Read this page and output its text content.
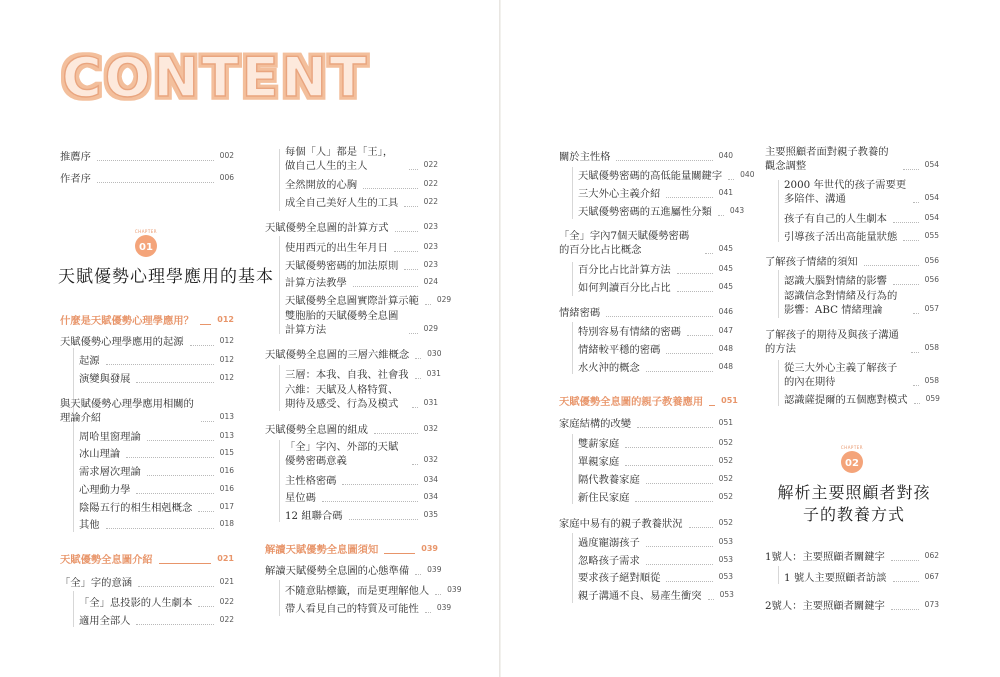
CONTENT
CHAPTER
01
天賦優勢心理學應用的基本
CHAPTER
02
解析主要照顧者對孩子的教養方式
推薦序	002
作者序	006
什麼是天賦優勢心理學應用？	012
天賦優勢心理學應用的起源	012
起源	012
演變與發展	012
與天賦優勢心理學應用相關的理論介紹	013
周哈里窗理論	013
冰山理論	015
需求層次理論	016
心理動力學	016
陰陽五行的相生相剋概念	017
其他	018
天賦優勢全息圖介紹	021
「全」字的意涵	021
「全」息投影的人生劇本	022
適用全部人	022
每個「人」都是「王」，做自己人生的主人	022
全然開放的心胸	022
成全自己美好人生的工具	022
天賦優勢全息圖的計算方式	023
使用西元的出生年月日	023
天賦優勢密碼的加法原則	023
計算方法教學	024
天賦優勢全息圖實際計算示範 029
雙胞胎的天賦優勢全息圖計算方法	029
天賦優勢全息圖的三層六維概念 030
三層：本我、自我、社會我 031
六維：天賦及人格特質、期待及感受、行為及模式	031
天賦優勢全息圖的組成	032
「全」字內、外部的天賦優勢密碼意義	032
主性格密碼	034
星位碼	034
12 組聯合碼	035
解讀天賦優勢全息圖須知	039
解讀天賦優勢全息圖的心態準備 039
不隨意貼標籤，而是更理解他人 039
帶人看見自己的特質及可能性 039
關於主性格	040
天賦優勢密碼的高低能量關鍵字 040
三大外心主義介紹	041
天賦優勢密碼的五進屬性分類 043
「全」字內7個天賦優勢密碼的百分比占比概念	045
百分比占比計算方法	045
如何判讀百分比占比	045
情緒密碼	046
特別容易有情緒的密碼	047
情緒較平穩的密碼	048
水火沖的概念	048
天賦優勢全息圖的親子教養應用 051
家庭結構的改變	051
雙薪家庭	052
單親家庭	052
隔代教養家庭	052
新住民家庭	052
家庭中易有的親子教養狀況	052
過度寵溺孩子	053
忽略孩子需求	053
要求孩子絕對順從	053
親子溝通不良、易產生衝突 053
主要照顧者面對親子教養的觀念調整	054
2000 年世代的孩子需要更多陪伴、溝通	054
孩子有自己的人生劇本	054
引導孩子活出高能量狀態	055
了解孩子情緒的須知	056
認識大腦對情緒的影響	056
認識信念對情緒及行為的影響：ABC 情緒理論	057
了解孩子的期待及與孩子溝通的方法	058
從三大外心主義了解孩子的內在期待	058
認識薩提爾的五個應對模式 059
1號人：主要照顧者關鍵字	062
1 號人主要照顧者訪談	067
2號人：主要照顧者關鍵字	073
